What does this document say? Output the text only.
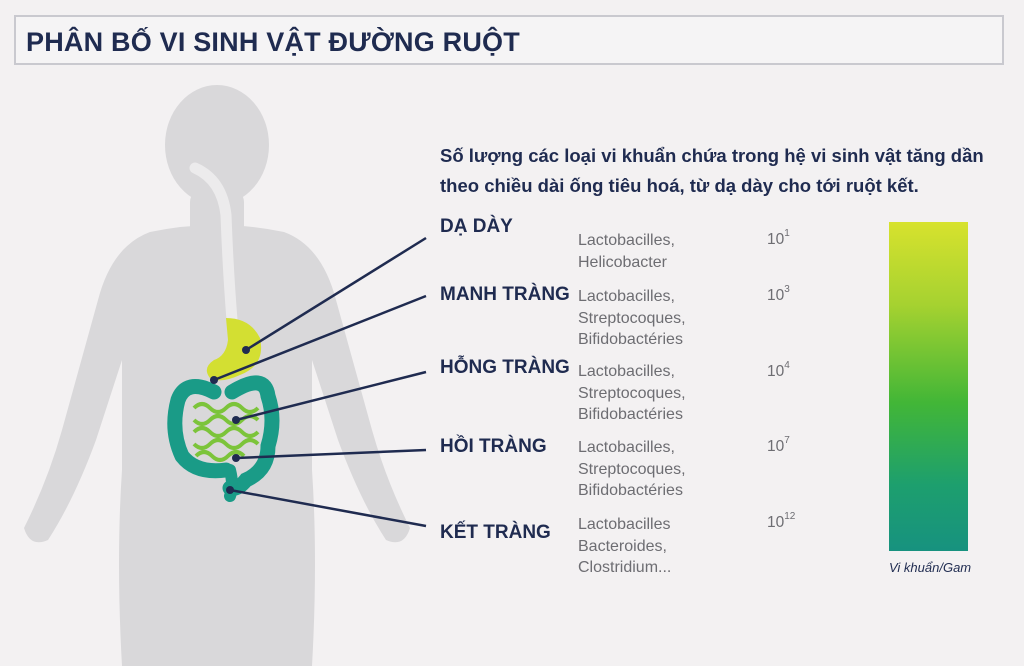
PHÂN BỐ VI SINH VẬT ĐƯỜNG RUỘT
Số lượng các loại vi khuẩn chứa trong hệ vi sinh vật tăng dần
theo chiều dài ống tiêu hoá, từ dạ dày cho tới ruột kết.
DẠ DÀY
Lactobacilles,
Helicobacter
$10^1$
MANH TRÀNG Lactobacilles,
Streptocoques,
Bifidobactéries
$10^3$
HỖNG TRÀNG Lactobacilles,
Streptocoques,
Bifidobactéries
$10^4$
HỒI TRÀNG Lactobacilles,
Streptocoques,
Bifidobactéries
$10^7$
KẾT TRÀNG Lactobacilles
Bacteroides,
Clostridium...
$10^{12}$
Vi khuẩn/Gam
